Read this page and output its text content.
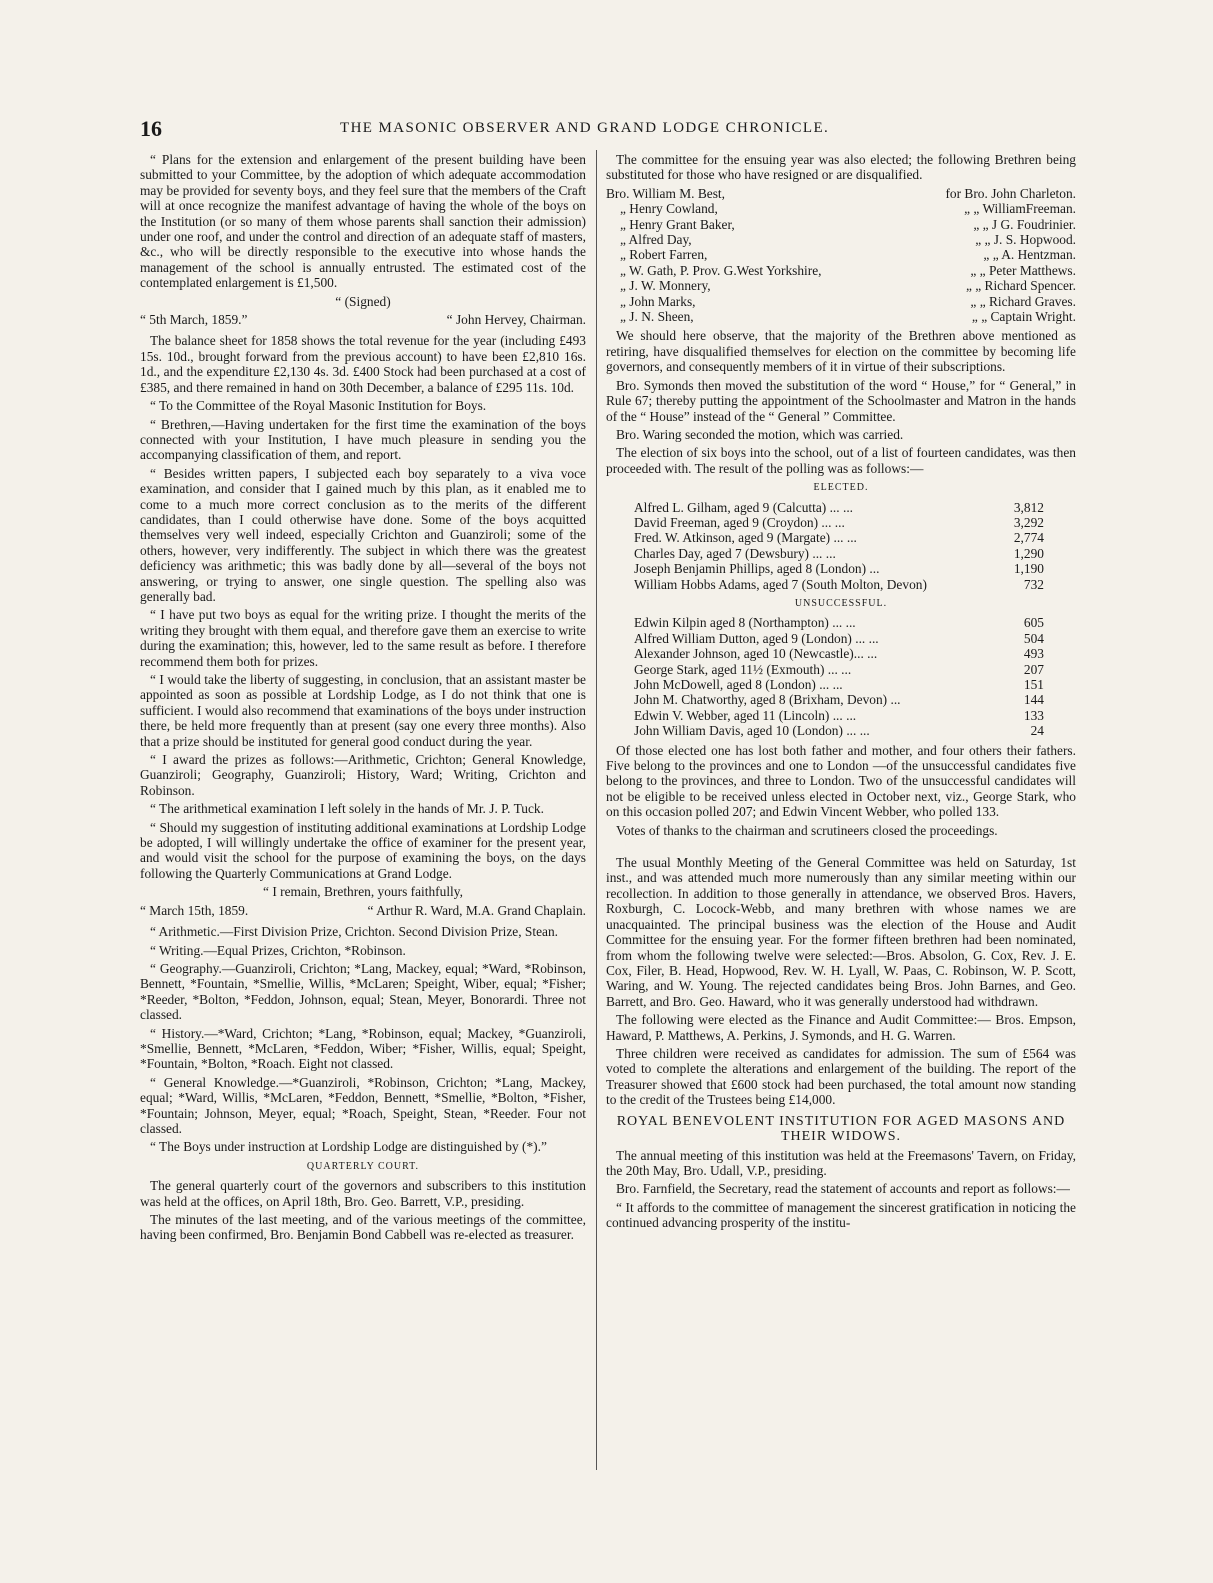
16	THE MASONIC OBSERVER AND GRAND LODGE CHRONICLE.

“ Plans for the extension and enlargement of the present building have been submitted to your Committee, by the adoption of which adequate accommodation may be provided for seventy boys, and they feel sure that the members of the Craft will at once recognize the manifest advantage of having the whole of the boys on the Institution (or so many of them whose parents shall sanction their admission) under one roof, and under the control and direction of an adequate staff of masters, &c., who will be directly responsible to the executive into whose hands the management of the school is annually entrusted. The estimated cost of the contemplated enlargement is £1,500.

“ (Signed)

“ 5th March, 1859.”	“ John Hervey, Chairman.

The balance sheet for 1858 shows the total revenue for the year (including £493 15s. 10d., brought forward from the previous account) to have been £2,810 16s. 1d., and the expenditure £2,130 4s. 3d. £400 Stock had been purchased at a cost of £385, and there remained in hand on 30th December, a balance of £295 11s. 10d.

“ To the Committee of the Royal Masonic Institution for Boys.

“ Brethren,—Having undertaken for the first time the examination of the boys connected with your Institution, I have much pleasure in sending you the accompanying classification of them, and report.

“ Besides written papers, I subjected each boy separately to a viva voce examination, and consider that I gained much by this plan, as it enabled me to come to a much more correct conclusion as to the merits of the different candidates, than I could otherwise have done. Some of the boys acquitted themselves very well indeed, especially Crichton and Guanziroli; some of the others, however, very indifferently. The subject in which there was the greatest deficiency was arithmetic; this was badly done by all—several of the boys not answering, or trying to answer, one single question. The spelling also was generally bad.

“ I have put two boys as equal for the writing prize. I thought the merits of the writing they brought with them equal, and therefore gave them an exercise to write during the examination; this, however, led to the same result as before. I therefore recommend them both for prizes.

“ I would take the liberty of suggesting, in conclusion, that an assistant master be appointed as soon as possible at Lordship Lodge, as I do not think that one is sufficient. I would also recommend that examinations of the boys under instruction there, be held more frequently than at present (say one every three months). Also that a prize should be instituted for general good conduct during the year.

“ I award the prizes as follows:—Arithmetic, Crichton; General Knowledge, Guanziroli; Geography, Guanziroli; History, Ward; Writing, Crichton and Robinson.

“ The arithmetical examination I left solely in the hands of Mr. J. P. Tuck.

“ Should my suggestion of instituting additional examinations at Lordship Lodge be adopted, I will willingly undertake the office of examiner for the present year, and would visit the school for the purpose of examining the boys, on the days following the Quarterly Communications at Grand Lodge.

“ I remain, Brethren, yours faithfully,

“ March 15th, 1859.	“ Arthur R. Ward, M.A. Grand Chaplain.

“ Arithmetic.—First Division Prize, Crichton. Second Division Prize, Stean.

“ Writing.—Equal Prizes, Crichton, *Robinson.

“ Geography.—Guanziroli, Crichton; *Lang, Mackey, equal; *Ward, *Robinson, Bennett, *Fountain, *Smellie, Willis, *McLaren; Speight, Wiber, equal; *Fisher; *Reeder, *Bolton, *Feddon, Johnson, equal; Stean, Meyer, Bonorardi. Three not classed.

“ History.—*Ward, Crichton; *Lang, *Robinson, equal; Mackey, *Guanziroli, *Smellie, Bennett, *McLaren, *Feddon, Wiber; *Fisher, Willis, equal; Speight, *Fountain, *Bolton, *Roach. Eight not classed.

“ General Knowledge.—*Guanziroli, *Robinson, Crichton; *Lang, Mackey, equal; *Ward, Willis, *McLaren, *Feddon, Bennett, *Smellie, *Bolton, *Fisher, *Fountain; Johnson, Meyer, equal; *Roach, Speight, Stean, *Reeder. Four not classed.

“ The Boys under instruction at Lordship Lodge are distinguished by (*).”

QUARTERLY COURT.

The general quarterly court of the governors and subscribers to this institution was held at the offices, on April 18th, Bro. Geo. Barrett, V.P., presiding.

The minutes of the last meeting, and of the various meetings of the committee, having been confirmed, Bro. Benjamin Bond Cabbell was re-elected as treasurer.

The committee for the ensuing year was also elected; the following Brethren being substituted for those who have resigned or are disqualified.

Bro. William M. Best,	for Bro. John Charleton.
„ Henry Cowland,	„ „ WilliamFreeman.
„ Henry Grant Baker,	„ „ J G. Foudrinier.
„ Alfred Day,	„ „ J. S. Hopwood.
„ Robert Farren,	„ „ A. Hentzman.
„ W. Gath, P. Prov. G.West Yorkshire,	„ „ Peter Matthews.
„ J. W. Monnery,	„ „ Richard Spencer.
„ John Marks,	„ „ Richard Graves.
„ J. N. Sheen,	„ „ Captain Wright.

We should here observe, that the majority of the Brethren above mentioned as retiring, have disqualified themselves for election on the committee by becoming life governors, and consequently members of it in virtue of their subscriptions.

Bro. Symonds then moved the substitution of the word “ House,” for “ General,” in Rule 67; thereby putting the appointment of the Schoolmaster and Matron in the hands of the “ House” instead of the “ General ” Committee.

Bro. Waring seconded the motion, which was carried.

The election of six boys into the school, out of a list of fourteen candidates, was then proceeded with. The result of the polling was as follows:—

ELECTED.
Alfred L. Gilham, aged 9 (Calcutta) ... ...	3,812
David Freeman, aged 9 (Croydon) ... ...	3,292
Fred. W. Atkinson, aged 9 (Margate) ... ...	2,774
Charles Day, aged 7 (Dewsbury) ... ...	1,290
Joseph Benjamin Phillips, aged 8 (London) ...	1,190
William Hobbs Adams, aged 7 (South Molton, Devon)	732
UNSUCCESSFUL.
Edwin Kilpin aged 8 (Northampton) ... ...	605
Alfred William Dutton, aged 9 (London) ... ...	504
Alexander Johnson, aged 10 (Newcastle)... ...	493
George Stark, aged 11½ (Exmouth) ... ...	207
John McDowell, aged 8 (London) ... ...	151
John M. Chatworthy, aged 8 (Brixham, Devon) ...	144
Edwin V. Webber, aged 11 (Lincoln) ... ...	133
John William Davis, aged 10 (London) ... ...	24

Of those elected one has lost both father and mother, and four others their fathers. Five belong to the provinces and one to London —of the unsuccessful candidates five belong to the provinces, and three to London. Two of the unsuccessful candidates will not be eligible to be received unless elected in October next, viz., George Stark, who on this occasion polled 207; and Edwin Vincent Webber, who polled 133.

Votes of thanks to the chairman and scrutineers closed the proceedings.

The usual Monthly Meeting of the General Committee was held on Saturday, 1st inst., and was attended much more numerously than any similar meeting within our recollection. In addition to those generally in attendance, we observed Bros. Havers, Roxburgh, C. Locock-Webb, and many brethren with whose names we are unacquainted. The principal business was the election of the House and Audit Committee for the ensuing year. For the former fifteen brethren had been nominated, from whom the following twelve were selected:—Bros. Absolon, G. Cox, Rev. J. E. Cox, Filer, B. Head, Hopwood, Rev. W. H. Lyall, W. Paas, C. Robinson, W. P. Scott, Waring, and W. Young. The rejected candidates being Bros. John Barnes, and Geo. Barrett, and Bro. Geo. Haward, who it was generally understood had withdrawn.

The following were elected as the Finance and Audit Committee:— Bros. Empson, Haward, P. Matthews, A. Perkins, J. Symonds, and H. G. Warren.

Three children were received as candidates for admission. The sum of £564 was voted to complete the alterations and enlargement of the building. The report of the Treasurer showed that £600 stock had been purchased, the total amount now standing to the credit of the Trustees being £14,000.

ROYAL BENEVOLENT INSTITUTION FOR AGED MASONS AND THEIR WIDOWS.

The annual meeting of this institution was held at the Freemasons' Tavern, on Friday, the 20th May, Bro. Udall, V.P., presiding.

Bro. Farnfield, the Secretary, read the statement of accounts and report as follows:—

“ It affords to the committee of management the sincerest gratification in noticing the continued advancing prosperity of the institu-
